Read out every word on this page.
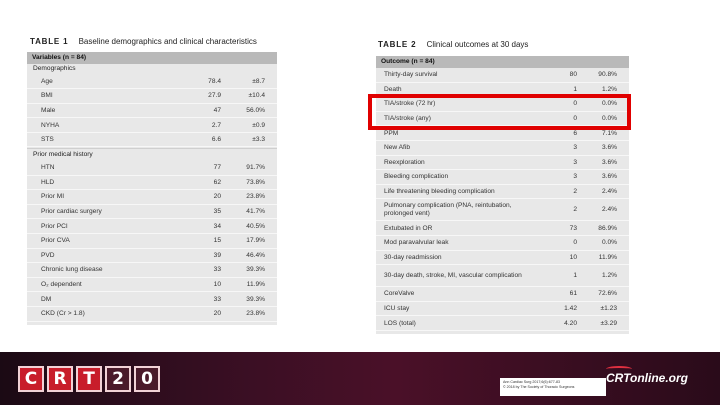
TABLE 1 Baseline demographics and clinical characteristics
Variables (n = 84)
Demographics
Age	78.4	±8.7
BMI	27.9	±10.4
Male	47	56.0%
NYHA	2.7	±0.9
STS	6.6	±3.3
Prior medical history
HTN	77	91.7%
HLD	62	73.8%
Prior MI	20	23.8%
Prior cardiac surgery	35	41.7%
Prior PCI	34	40.5%
Prior CVA	15	17.9%
PVD	39	46.4%
Chronic lung disease	33	39.3%
O₂ dependent	10	11.9%
DM	33	39.3%
CKD (Cr > 1.8)	20	23.8%
TABLE 2 Clinical outcomes at 30 days
Outcome (n = 84)
Thirty-day survival	80	90.8%
Death	1	1.2%
TIA/stroke (72 hr)	0	0.0%
TIA/stroke (any)	0	0.0%
PPM	6	7.1%
New Afib	3	3.6%
Reexploration	3	3.6%
Bleeding complication	3	3.6%
Life threatening bleeding complication	2	2.4%
Pulmonary complication (PNA, reintubation, prolonged vent)	2	2.4%
Extubated in OR	73	86.9%
Mod paravalvular leak	0	0.0%
30-day readmission	10	11.9%
30-day death, stroke, MI, vascular complication	1	1.2%
CoreValve	61	72.6%
ICU stay	1.42	±1.23
LOS (total)	4.20	±3.29
C R T	2	0	Ann Cardiac Surg 2017;6(6):677-83
© 2018 by The Society of Thoracic Surgeons
CRTonline.org
